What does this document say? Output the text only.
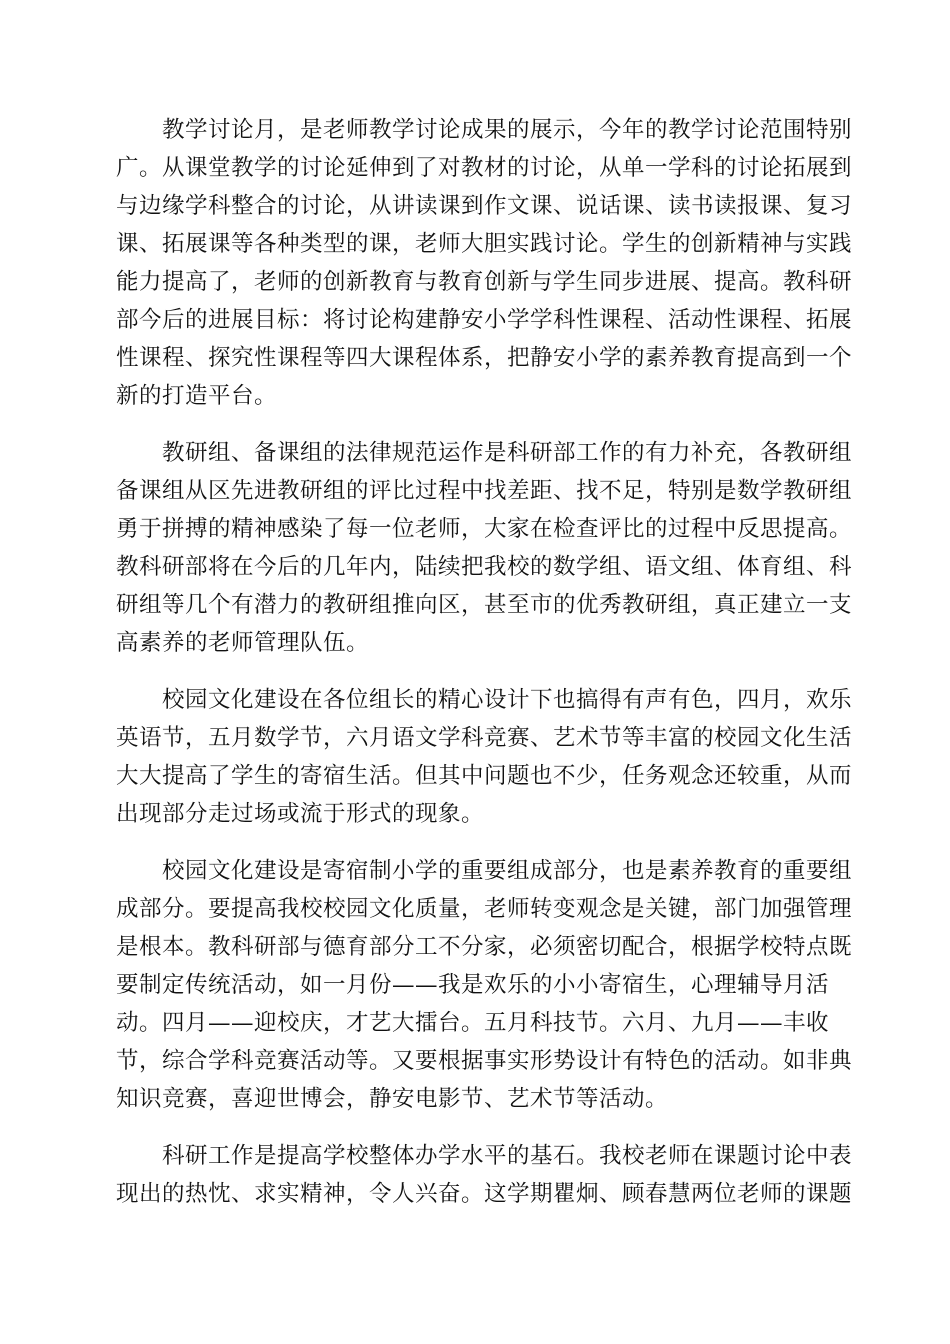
　　教学讨论月，是老师教学讨论成果的展示，今年的教学讨论范围特别
广。从课堂教学的讨论延伸到了对教材的讨论，从单一学科的讨论拓展到
与边缘学科整合的讨论，从讲读课到作文课、说话课、读书读报课、复习
课、拓展课等各种类型的课，老师大胆实践讨论。学生的创新精神与实践
能力提高了，老师的创新教育与教育创新与学生同步进展、提高。教科研
部今后的进展目标：将讨论构建静安小学学科性课程、活动性课程、拓展
性课程、探究性课程等四大课程体系，把静安小学的素养教育提高到一个
新的打造平台。

　　教研组、备课组的法律规范运作是科研部工作的有力补充，各教研组
备课组从区先进教研组的评比过程中找差距、找不足，特别是数学教研组
勇于拼搏的精神感染了每一位老师，大家在检查评比的过程中反思提高。
教科研部将在今后的几年内，陆续把我校的数学组、语文组、体育组、科
研组等几个有潜力的教研组推向区，甚至市的优秀教研组，真正建立一支
高素养的老师管理队伍。

　　校园文化建设在各位组长的精心设计下也搞得有声有色，四月，欢乐
英语节，五月数学节，六月语文学科竞赛、艺术节等丰富的校园文化生活
大大提高了学生的寄宿生活。但其中问题也不少，任务观念还较重，从而
出现部分走过场或流于形式的现象。

　　校园文化建设是寄宿制小学的重要组成部分，也是素养教育的重要组
成部分。要提高我校校园文化质量，老师转变观念是关键，部门加强管理
是根本。教科研部与德育部分工不分家，必须密切配合，根据学校特点既
要制定传统活动，如一月份——我是欢乐的小小寄宿生，心理辅导月活
动。四月——迎校庆，才艺大擂台。五月科技节。六月、九月——丰收
节，综合学科竞赛活动等。又要根据事实形势设计有特色的活动。如非典
知识竞赛，喜迎世博会，静安电影节、艺术节等活动。

　　科研工作是提高学校整体办学水平的基石。我校老师在课题讨论中表
现出的热忱、求实精神，令人兴奋。这学期瞿炯、顾春慧两位老师的课题
